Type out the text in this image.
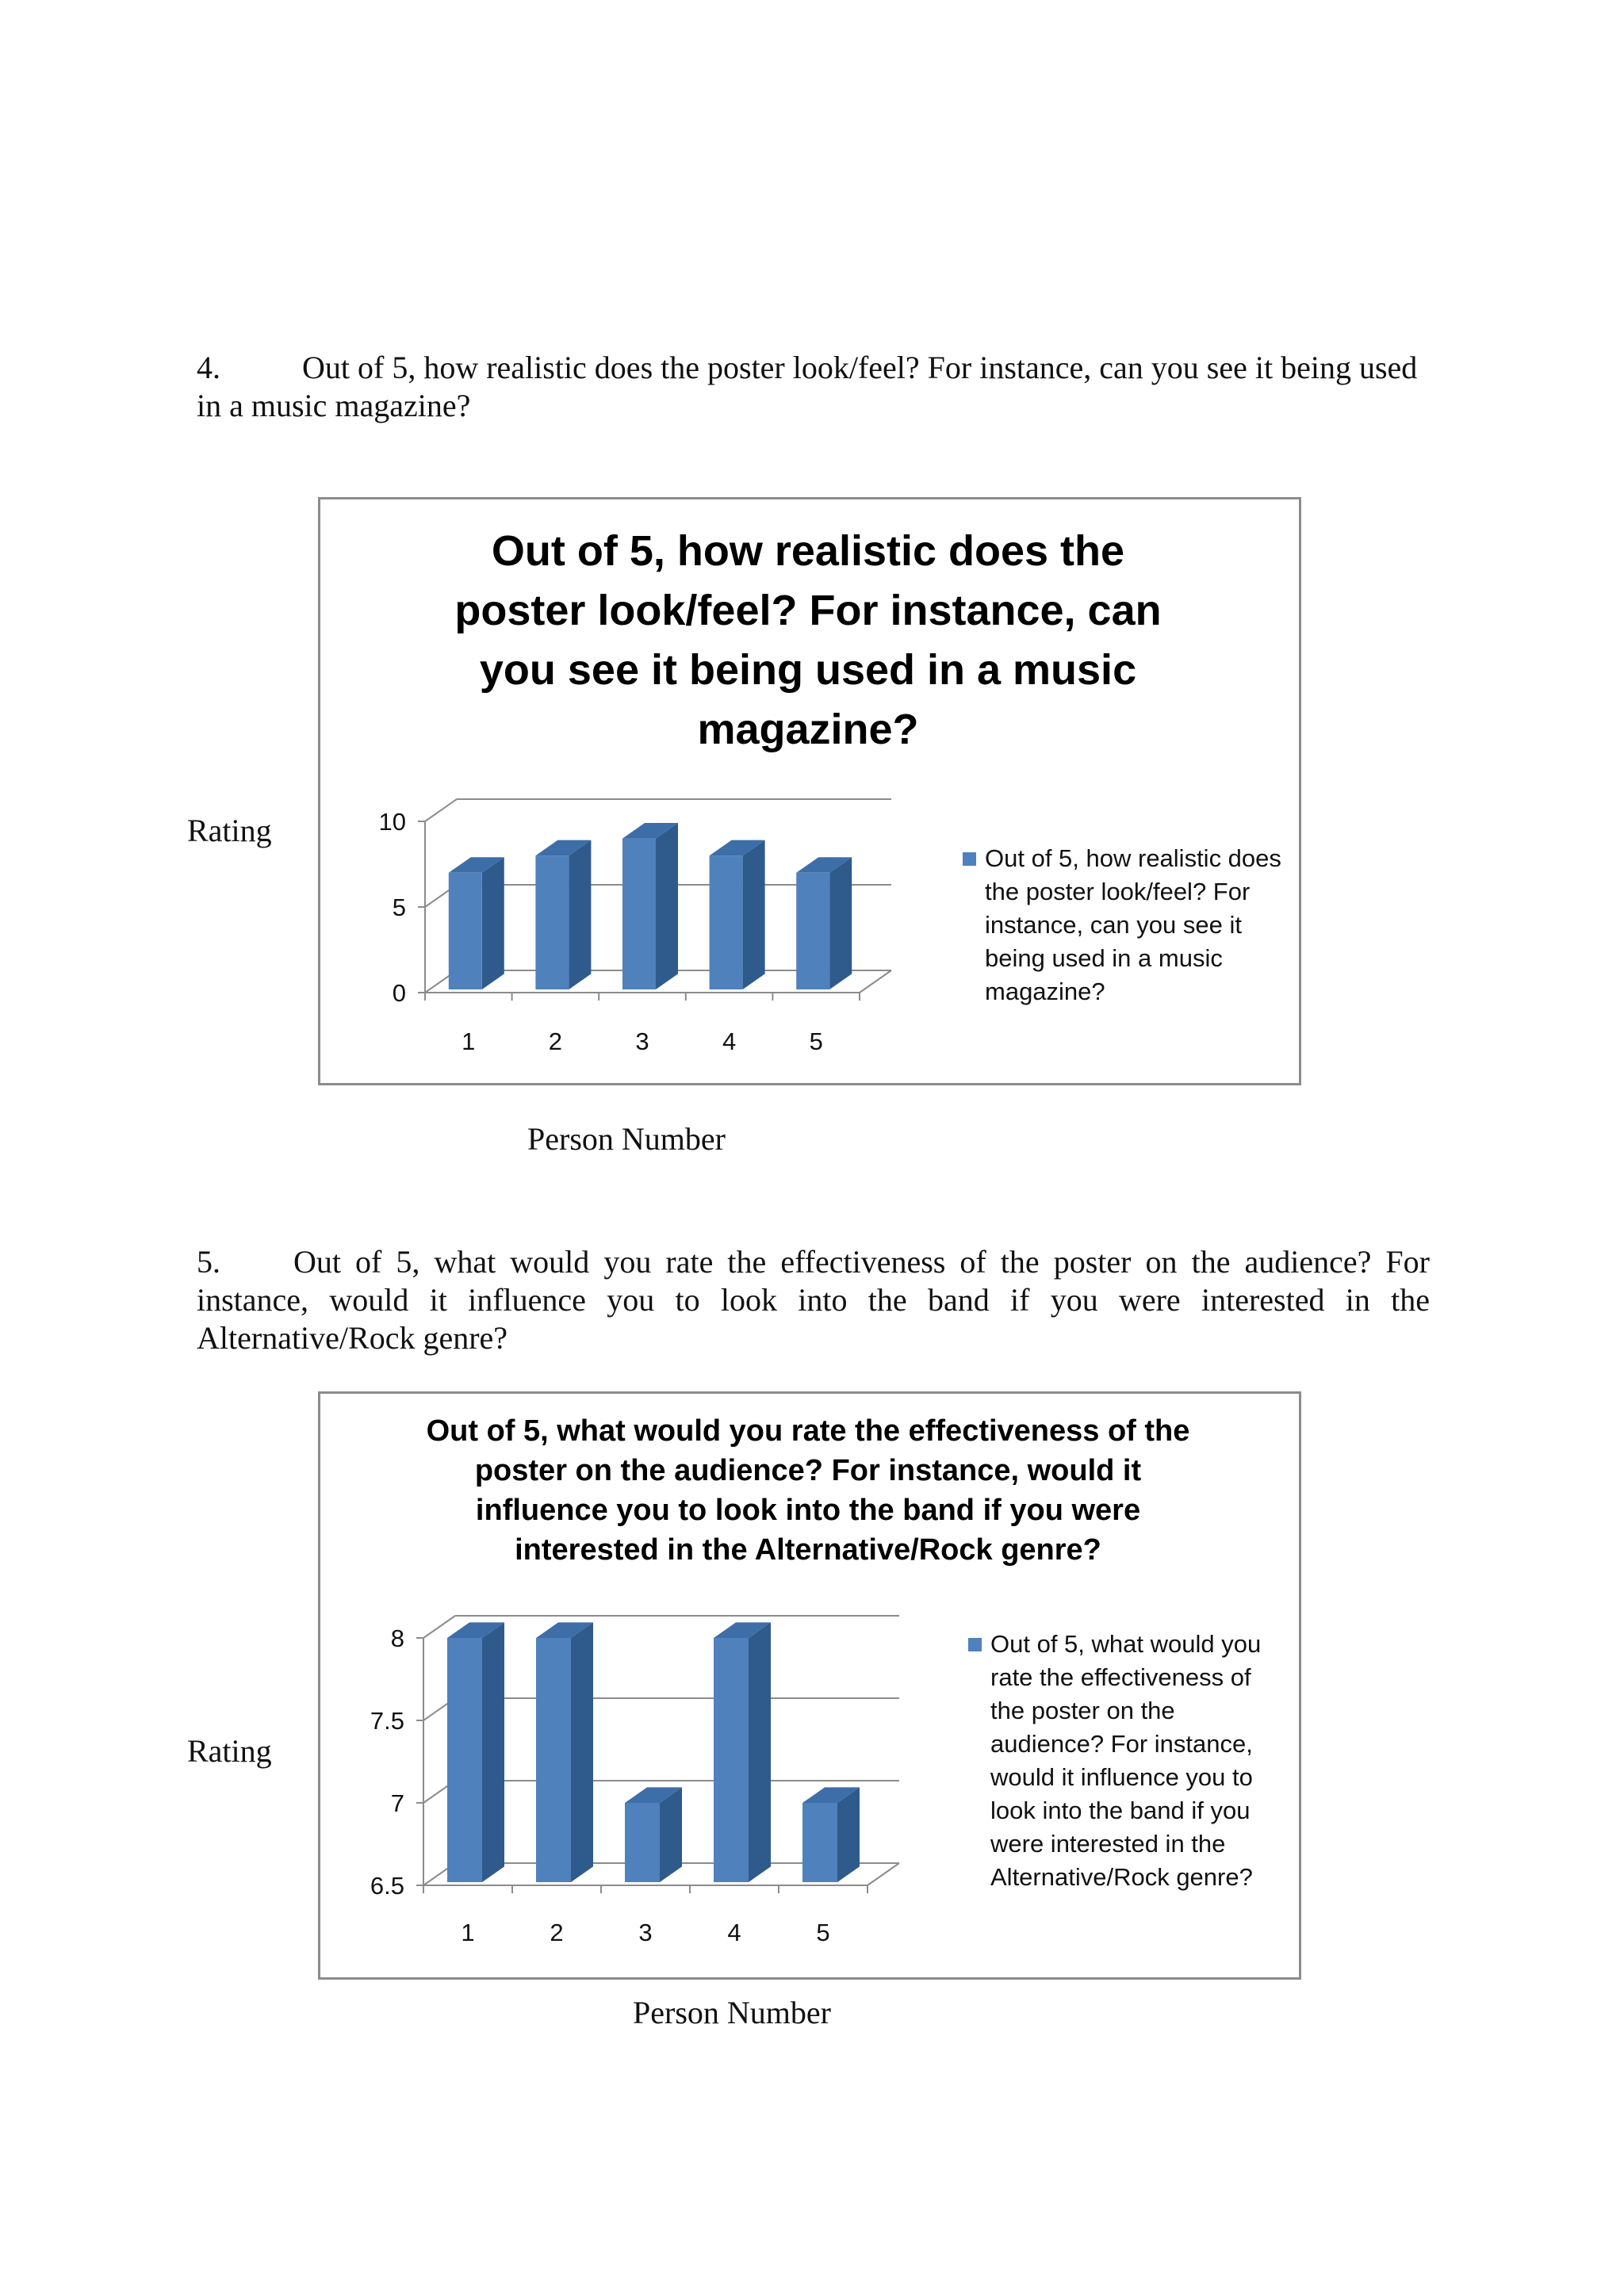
4.	Out of 5, how realistic does the poster look/feel? For instance, can you see it being used in a music magazine?

Rating
Out of 5, how realistic does the poster look/feel? For instance, can you see it being used in a music magazine?
0
5
10
1	2	3	4	5
Out of 5, how realistic does the poster look/feel? For instance, can you see it being used in a music magazine?
Person Number

5. Out of 5, what would you rate the effectiveness of the poster on the audience? For instance, would it influence you to look into the band if you were interested in the Alternative/Rock genre?

Out of 5, what would you rate the effectiveness of the poster on the audience? For instance, would it influence you to look into the band if you were interested in the Alternative/Rock genre?
6.5
7
7.5
8
1	2	3	4	5
Out of 5, what would you rate the effectiveness of the poster on the audience? For instance, would it influence you to look into the band if you were interested in the Alternative/Rock genre?
Rating
Person Number
